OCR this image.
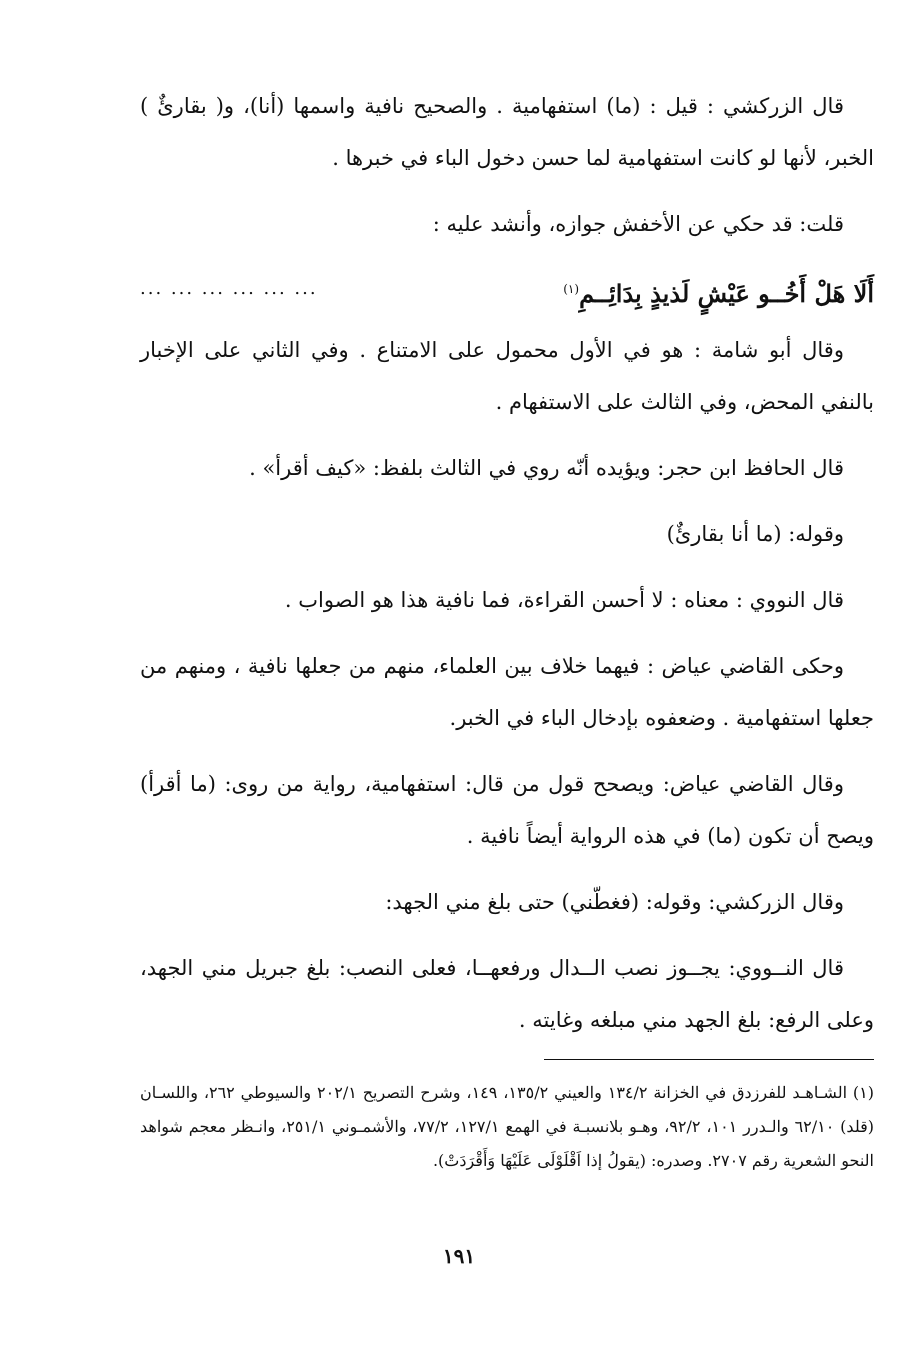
قال الزركشي : قيل : (ما) استفهامية . والصحيح نافية واسمها (أنا)، و( بقارئٌ ) الخبر، لأنها لو كانت استفهامية لما حسن دخول الباء في خبرها .

قلت: قد حكي عن الأخفش جوازه، وأنشد عليه :

أَلَا هَلْ أَخُــو عَيْشٍ لَذيذٍ بِدَائِــمِ$^{(١)}$
... ... ... ... ... ...

وقال أبو شامة : هو في الأول محمول على الامتناع . وفي الثاني على الإخبار بالنفي المحض، وفي الثالث على الاستفهام .

قال الحافظ ابن حجر: ويؤيده أنّه روي في الثالث بلفظ: «كيف أقرأ» .

وقوله: (ما أنا بقارئٌ)

قال النووي : معناه : لا أحسن القراءة، فما نافية هذا هو الصواب .

وحكى القاضي عياض : فيهما خلاف بين العلماء، منهم من جعلها نافية ، ومنهم من جعلها استفهامية . وضعفوه بإدخال الباء في الخبر.

وقال القاضي عياض: ويصحح قول من قال: استفهامية، رواية من روى: (ما أقرأ) ويصح أن تكون (ما) في هذه الرواية أيضاً نافية .

وقال الزركشي: وقوله: (فغطّني) حتى بلغ مني الجهد:

قال النــووي: يجــوز نصب الــدال ورفعهــا، فعلى النصب: بلغ جبريل مني الجهد، وعلى الرفع: بلغ الجهد مني مبلغه وغايته .

(١) الشـاهـد للفرزدق في الخزانة ١٣٤/٢ والعيني ١٣٥/٢، ١٤٩، وشرح التصريح ٢٠٢/١ والسيوطي ٢٦٢، واللسـان (قلد) ٦٢/١٠ والـدرر ١٠١، ٩٢/٢، وهـو بلانسبـة في الهمع ١٢٧/١، ٧٧/٢، والأشمـوني ٢٥١/١، وانـظر معجم شواهد النحو الشعرية رقم ٢٧٠٧. وصدره: (يقولُ إذا اَقْلَوْلَى عَلَيْهَا وَأَقْرَدَتْ).
١٩١
